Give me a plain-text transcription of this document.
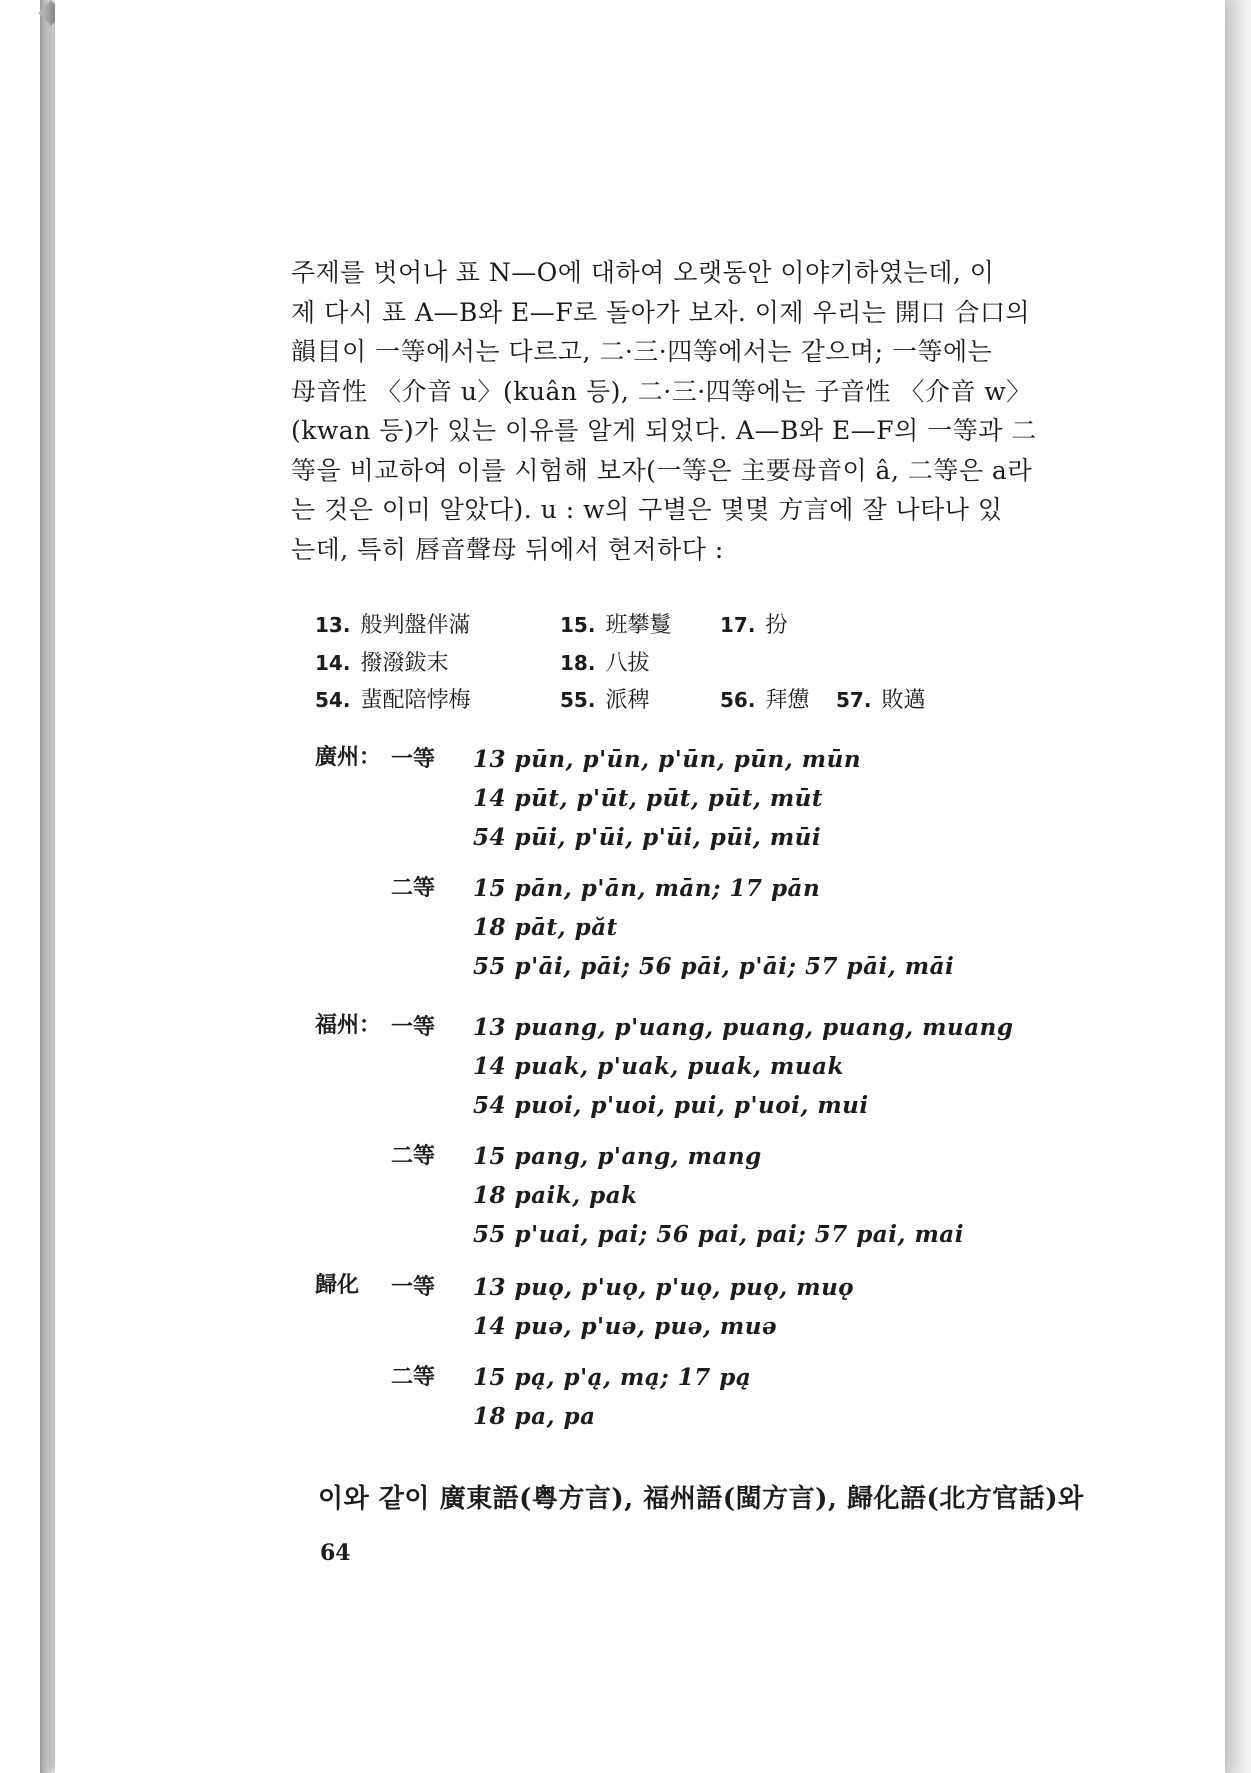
주제를 벗어나 표 N—O에 대하여 오랫동안 이야기하였는데, 이
제 다시 표 A—B와 E—F로 돌아가 보자. 이제 우리는 開口 合口의
韻目이 一等에서는 다르고, 二·三·四等에서는 같으며; 一等에는
母音性 〈介音 u〉(kuân 등), 二·三·四等에는 子音性 〈介音 w〉
(kwan 등)가 있는 이유를 알게 되었다. A—B와 E—F의 一等과 二
等을 비교하여 이를 시험해 보자(一等은 主要母音이 â, 二等은 a라
는 것은 이미 알았다). u : w의 구별은 몇몇 方言에 잘 나타나 있
는데, 특히 唇音聲母 뒤에서 현저하다 :
13. 般判盤伴滿	15. 班攀鬘 17. 扮
14. 撥潑鈸末	18. 八拔
54. 蜚配陪悖梅	55. 派稗	56. 拜憊 57. 敗邁
廣州： 一等 13 pūn, p'ūn, p'ūn, pūn, mūn
14 pūt, p'ūt, pūt, pūt, mūt
54 pūi, p'ūi, p'ūi, pūi, mūi
二等 15 pān, p'ān, mān; 17 pān
18 pāt, păt
55 p'āi, pāi; 56 pāi, p'āi; 57 pāi, māi
福州： 一等 13 puang, p'uang, puang, puang, muang
14 puak, p'uak, puak, muak
54 puoi, p'uoi, pui, p'uoi, mui
二等 15 pang, p'ang, mang
18 paik, pak
55 p'uai, pai; 56 pai, pai; 57 pai, mai
歸化 一等 13 puǫ, p'uǫ, p'uǫ, puǫ, muǫ
14 puə, p'uə, puə, muə
二等 15 pą, p'ą, mą; 17 pą
18 pa, pa
이와 같이 廣東語(粤方言), 福州語(閩方言), 歸化語(北方官話)와
64
